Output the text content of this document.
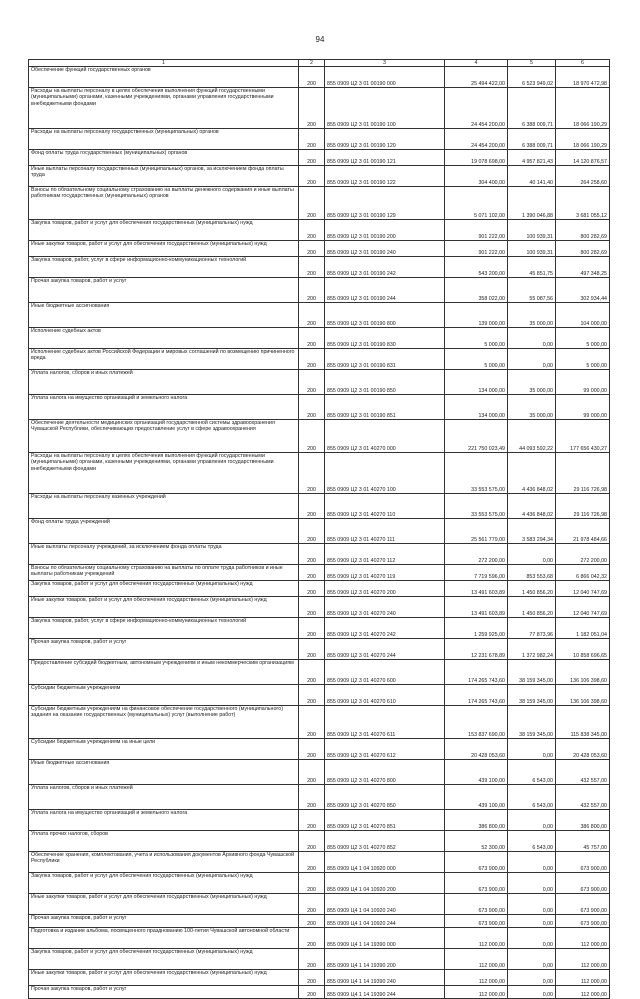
94
1	2	3	4	5	6
Обеспечение функций государственных органов	200	855 0909 Ц2 3 01 00190 000	25 494 422,00	6 523 949,02	18 970 472,98
Расходы на выплаты персоналу в целях обеспечения выполнения функций государственными (муниципальными) органами, казенными учреждениями, органами управления государственными внебюджетными фондами	200	855 0909 Ц2 3 01 00190 100	24 454 200,00	6 388 009,71	18 066 190,29
Расходы на выплаты персоналу государственных (муниципальных) органов	200	855 0909 Ц2 3 01 00190 120	24 454 200,00	6 388 009,71	18 066 190,29
Фонд оплаты труда государственных (муниципальных) органов	200	855 0909 Ц2 3 01 00190 121	19 078 698,00	4 957 821,43	14 120 876,57
Иные выплаты персоналу государственных (муниципальных) органов, за исключением фонда оплаты труда	200	855 0909 Ц2 3 01 00190 122	304 400,00	40 141,40	264 258,60
Взносы по обязательному социальному страхованию на выплаты денежного содержания и иные выплаты работникам государственных (муниципальных) органов	200	855 0909 Ц2 3 01 00190 129	5 071 102,00	1 390 046,88	3 681 055,12
Закупка товаров, работ и услуг для обеспечения государственных (муниципальных) нужд	200	855 0909 Ц2 3 01 00190 200	901 222,00	100 939,31	800 282,69
Иные закупки товаров, работ и услуг для обеспечения государственных (муниципальных) нужд	200	855 0909 Ц2 3 01 00190 240	901 222,00	100 939,31	800 282,69
Закупка товаров, работ, услуг в сфере информационно-коммуникационных технологий	200	855 0909 Ц2 3 01 00190 242	543 200,00	45 851,75	497 348,25
Прочая закупка товаров, работ и услуг	200	855 0909 Ц2 3 01 00190 244	358 022,00	55 087,56	302 934,44
Иные бюджетные ассигнования	200	855 0909 Ц2 3 01 00190 800	139 000,00	35 000,00	104 000,00
Исполнение судебных актов	200	855 0909 Ц2 3 01 00190 830	5 000,00	0,00	5 000,00
Исполнение судебных актов Российской Федерации и мировых соглашений по возмещению причиненного вреда	200	855 0909 Ц2 3 01 00190 831	5 000,00	0,00	5 000,00
Уплата налогов, сборов и иных платежей	200	855 0909 Ц2 3 01 00190 850	134 000,00	35 000,00	99 000,00
Уплата налога на имущество организаций и земельного налога	200	855 0909 Ц2 3 01 00190 851	134 000,00	35 000,00	99 000,00
Обеспечение деятельности медицинских организаций государственной системы здравоохранения Чувашской Республики, обеспечивающих предоставление услуг в сфере здравоохранения	200	855 0909 Ц2 3 01 40270 000	221 750 023,49	44 093 592,22	177 656 430,27
Расходы на выплаты персоналу в целях обеспечения выполнения функций государственными (муниципальными) органами, казенными учреждениями, органами управления государственными внебюджетными фондами	200	855 0909 Ц2 3 01 40270 100	33 553 575,00	4 436 848,02	29 116 726,98
Расходы на выплаты персоналу казенных учреждений	200	855 0909 Ц2 3 01 40270 110	33 553 575,00	4 436 848,02	29 116 726,98
Фонд оплаты труда учреждений	200	855 0909 Ц2 3 01 40270 111	25 561 779,00	3 583 294,34	21 978 484,66
Иные выплаты персоналу учреждений, за исключением фонда оплаты труда	200	855 0909 Ц2 3 01 40270 112	272 200,00	0,00	272 200,00
Взносы по обязательному социальному страхованию на выплаты по оплате труда работников и иные выплаты работникам учреждений	200	855 0909 Ц2 3 01 40270 119	7 719 596,00	853 553,68	6 866 042,32
Закупка товаров, работ и услуг для обеспечения государственных (муниципальных) нужд	200	855 0909 Ц2 3 01 40270 200	13 491 603,89	1 450 856,20	12 040 747,69
Иные закупки товаров, работ и услуг для обеспечения государственных (муниципальных) нужд	200	855 0909 Ц2 3 01 40270 240	13 491 603,89	1 450 856,20	12 040 747,69
Закупка товаров, работ, услуг в сфере информационно-коммуникационных технологий	200	855 0909 Ц2 3 01 40270 242	1 259 925,00	77 873,96	1 182 051,04
Прочая закупка товаров, работ и услуг	200	855 0909 Ц2 3 01 40270 244	12 231 678,89	1 372 982,24	10 858 696,65
Предоставление субсидий бюджетным, автономным учреждениям и иным некоммерческим организациям	200	855 0909 Ц2 3 01 40270 600	174 265 743,60	38 159 345,00	136 106 398,60
Субсидии бюджетным учреждениям	200	855 0909 Ц2 3 01 40270 610	174 265 743,60	38 159 345,00	136 106 398,60
Субсидии бюджетным учреждениям на финансовое обеспечение государственного (муниципального) задания на оказание государственных (муниципальных) услуг (выполнение работ)	200	855 0909 Ц2 3 01 40270 611	153 837 690,00	38 159 345,00	115 838 345,00
Субсидии бюджетным учреждениям на иные цели	200	855 0909 Ц2 3 01 40270 612	20 428 053,60	0,00	20 428 053,60
Иные бюджетные ассигнования	200	855 0909 Ц2 3 01 40270 800	439 100,00	6 543,00	432 557,00
Уплата налогов, сборов и иных платежей	200	855 0909 Ц2 3 01 40270 850	439 100,00	6 543,00	432 557,00
Уплата налога на имущество организаций и земельного налога	200	855 0909 Ц2 3 01 40270 851	386 800,00	0,00	386 800,00
Уплата прочих налогов, сборов	200	855 0909 Ц2 3 01 40270 852	52 300,00	6 543,00	45 757,00
Обеспечение хранения, комплектования, учета и использования документов Архивного фонда Чувашской Республики	200	855 0909 Ц4 1 04 10920 000	673 900,00	0,00	673 900,00
Закупка товаров, работ и услуг для обеспечения государственных (муниципальных) нужд	200	855 0909 Ц4 1 04 10920 200	673 900,00	0,00	673 900,00
Иные закупки товаров, работ и услуг для обеспечения государственных (муниципальных) нужд	200	855 0909 Ц4 1 04 10920 240	673 900,00	0,00	673 900,00
Прочая закупка товаров, работ и услуг	200	855 0909 Ц4 1 04 10920 244	673 900,00	0,00	673 900,00
Подготовка и издание альбома, посвященного празднованию 100-летия Чувашской автономной области	200	855 0909 Ц4 1 14 19390 000	112 000,00	0,00	112 000,00
Закупка товаров, работ и услуг для обеспечения государственных (муниципальных) нужд	200	855 0909 Ц4 1 14 19390 200	112 000,00	0,00	112 000,00
Иные закупки товаров, работ и услуг для обеспечения государственных (муниципальных) нужд	200	855 0909 Ц4 1 14 19390 240	112 000,00	0,00	112 000,00
Прочая закупка товаров, работ и услуг	200	855 0909 Ц4 1 14 19390 244	112 000,00	0,00	112 000,00
